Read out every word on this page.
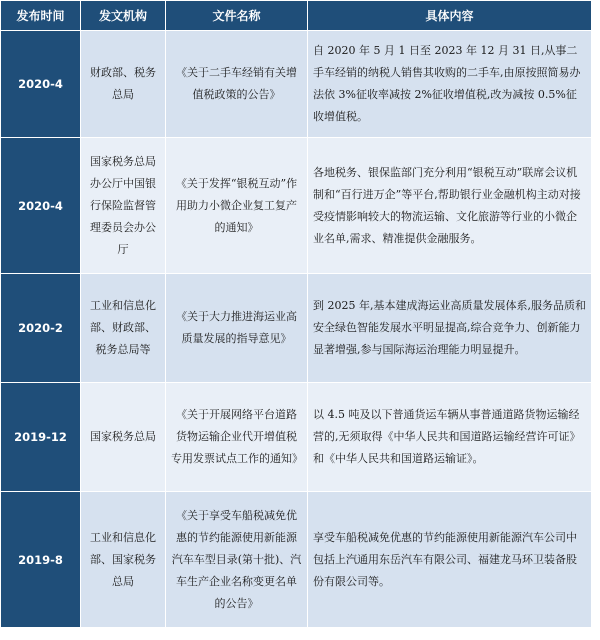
发布时间	发文机构	文件名称	具体内容
2020-4	财政部、税务总局	《关于二手车经销有关增值税政策的公告》	自 2020 年 5 月 1 日至 2023 年 12 月 31 日,从事二手车经销的纳税人销售其收购的二手车,由原按照简易办法依 3%征收率减按 2%征收增值税,改为减按 0.5%征收增值税。
2020-4	国家税务总局办公厅中国银行保险监督管理委员会办公厅	《关于发挥“银税互动”作用助力小微企业复工复产的通知》	各地税务、银保监部门充分利用“银税互动”联席会议机制和“百行进万企”等平台,帮助银行业金融机构主动对接受疫情影响较大的物流运输、文化旅游等行业的小微企业名单,需求、精准提供金融服务。
2020-2	工业和信息化部、财政部、税务总局等	《关于大力推进海运业高质量发展的指导意见》	到 2025 年,基本建成海运业高质量发展体系,服务品质和安全绿色智能发展水平明显提高,综合竞争力、创新能力显著增强,参与国际海运治理能力明显提升。
2019-12	国家税务总局	《关于开展网络平台道路货物运输企业代开增值税专用发票试点工作的通知》	以 4.5 吨及以下普通货运车辆从事普通道路货物运输经营的,无须取得《中华人民共和国道路运输经营许可证》和《中华人民共和国道路运输证》。
2019-8	工业和信息化部、国家税务总局	《关于享受车船税减免优惠的节约能源使用新能源汽车车型目录(第十批)、汽车生产企业名称变更名单的公告》	享受车船税减免优惠的节约能源使用新能源汽车公司中包括上汽通用东岳汽车有限公司、福建龙马环卫装备股份有限公司等。
